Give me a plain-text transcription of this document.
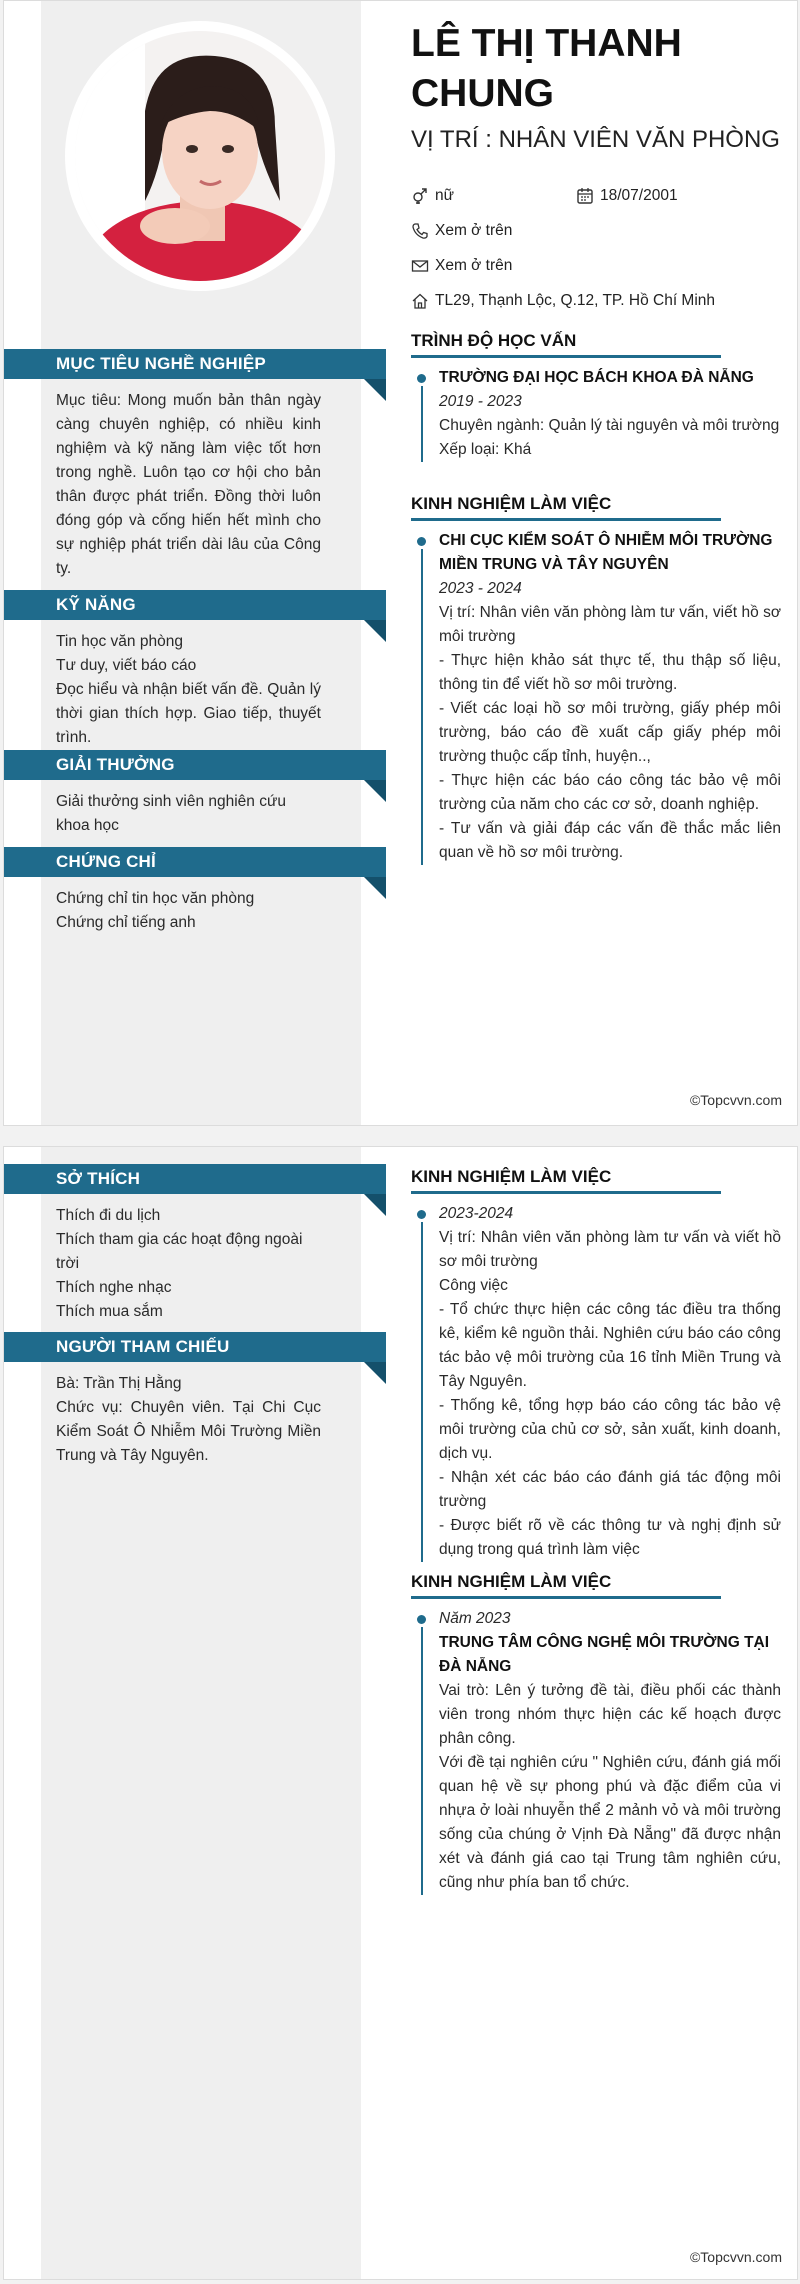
LÊ THỊ THANH CHUNG
VỊ TRÍ : NHÂN VIÊN VĂN PHÒNG
nữ	18/07/2001
Xem ở trên
Xem ở trên
TL29, Thạnh Lộc, Q.12, TP. Hồ Chí Minh
MỤC TIÊU NGHỀ NGHIỆP
Mục tiêu: Mong muốn bản thân ngày càng chuyên nghiệp, có nhiều kinh nghiệm và kỹ năng làm việc tốt hơn trong nghề. Luôn tạo cơ hội cho bản thân được phát triển. Đồng thời luôn đóng góp và cống hiến hết mình cho sự nghiệp phát triển dài lâu của Công ty.
KỸ NĂNG
Tin học văn phòng
Tư duy, viết báo cáo
Đọc hiểu và nhận biết vấn đề. Quản lý thời gian thích hợp. Giao tiếp, thuyết trình.
GIẢI THƯỞNG
Giải thưởng sinh viên nghiên cứu khoa học
CHỨNG CHỈ
Chứng chỉ tin học văn phòng
Chứng chỉ tiếng anh
TRÌNH ĐỘ HỌC VẤN
TRƯỜNG ĐẠI HỌC BÁCH KHOA ĐÀ NẴNG
2019 - 2023
Chuyên ngành: Quản lý tài nguyên và môi trường
Xếp loại: Khá
KINH NGHIỆM LÀM VIỆC
CHI CỤC KIỂM SOÁT Ô NHIỄM MÔI TRƯỜNG MIỀN TRUNG VÀ TÂY NGUYÊN
2023 - 2024
Vị trí: Nhân viên văn phòng làm tư vấn, viết hồ sơ môi trường
- Thực hiện khảo sát thực tế, thu thập số liệu, thông tin để viết hồ sơ môi trường.
- Viết các loại hồ sơ môi trường, giấy phép môi trường, báo cáo đề xuất cấp giấy phép môi trường thuộc cấp tỉnh, huyện..,
- Thực hiện các báo cáo công tác bảo vệ môi trường của năm cho các cơ sở, doanh nghiệp.
- Tư vấn và giải đáp các vấn đề thắc mắc liên quan về hồ sơ môi trường.
©Topcvvn.com
SỞ THÍCH
Thích đi du lịch
Thích tham gia các hoạt động ngoài trời
Thích nghe nhạc
Thích mua sắm
NGƯỜI THAM CHIẾU
Bà: Trần Thị Hằng
Chức vụ: Chuyên viên. Tại Chi Cục Kiểm Soát Ô Nhiễm Môi Trường Miền Trung và Tây Nguyên.
KINH NGHIỆM LÀM VIỆC
2023-2024
Vị trí: Nhân viên văn phòng làm tư vấn và viết hồ sơ môi trường
Công việc
- Tổ chức thực hiện các công tác điều tra thống kê, kiểm kê nguồn thải. Nghiên cứu báo cáo công tác bảo vệ môi trường của 16 tỉnh Miền Trung và Tây Nguyên.
- Thống kê, tổng hợp báo cáo công tác bảo vệ môi trường của chủ cơ sở, sản xuất, kinh doanh, dịch vụ.
- Nhận xét các báo cáo đánh giá tác động môi trường
- Được biết rõ về các thông tư và nghị định sử dụng trong quá trình làm việc
KINH NGHIỆM LÀM VIỆC
Năm 2023
TRUNG TÂM CÔNG NGHỆ MÔI TRƯỜNG TẠI ĐÀ NẴNG
Vai trò: Lên ý tưởng đề tài, điều phối các thành viên trong nhóm thực hiện các kế hoạch được phân công.
Với đề tại nghiên cứu " Nghiên cứu, đánh giá mối quan hệ về sự phong phú và đặc điểm của vi nhựa ở loài nhuyễn thể 2 mảnh vỏ và môi trường sống của chúng ở Vịnh Đà Nẵng" đã được nhận xét và đánh giá cao tại Trung tâm nghiên cứu, cũng như phía ban tổ chức.
©Topcvvn.com
